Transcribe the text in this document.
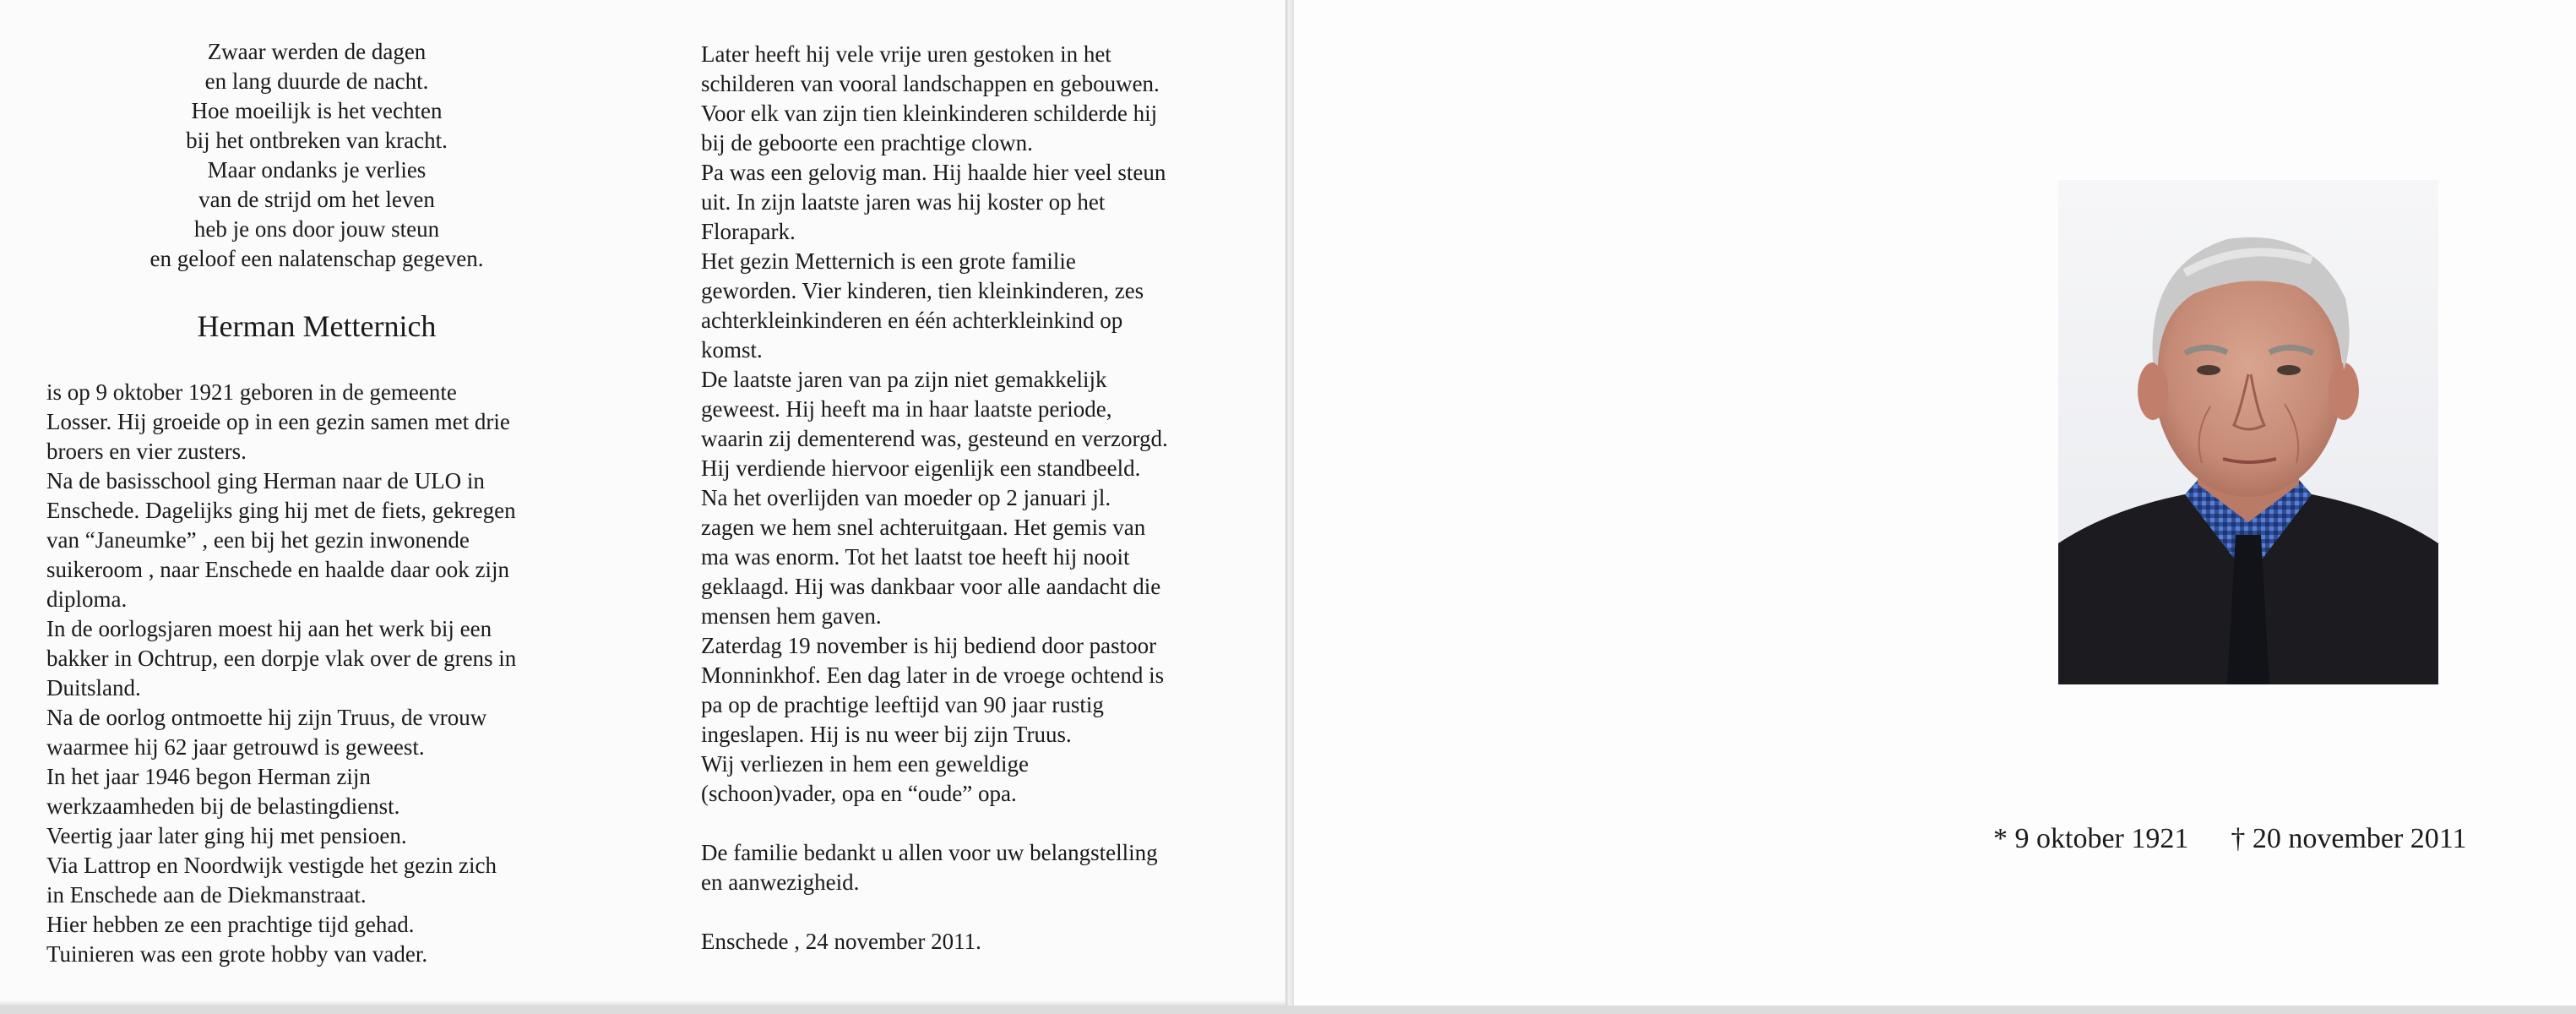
Zwaar werden de dagen
en lang duurde de nacht.
Hoe moeilijk is het vechten
bij het ontbreken van kracht.
Maar ondanks je verlies
van de strijd om het leven
heb je ons door jouw steun
en geloof een nalatenschap gegeven.
Herman Metternich
is op 9 oktober 1921 geboren in de gemeente
Losser. Hij groeide op in een gezin samen met drie
broers en vier zusters.
Na de basisschool ging Herman naar de ULO in
Enschede. Dagelijks ging hij met de fiets, gekregen
van “Janeumke” , een bij het gezin inwonende
suikeroom , naar Enschede en haalde daar ook zijn
diploma.
In de oorlogsjaren moest hij aan het werk bij een
bakker in Ochtrup, een dorpje vlak over de grens in
Duitsland.
Na de oorlog ontmoette hij zijn Truus, de vrouw
waarmee hij 62 jaar getrouwd is geweest.
In het jaar 1946 begon Herman zijn
werkzaamheden bij de belastingdienst.
Veertig jaar later ging hij met pensioen.
Via Lattrop en Noordwijk vestigde het gezin zich
in Enschede aan de Diekmanstraat.
Hier hebben ze een prachtige tijd gehad.
Tuinieren was een grote hobby van vader.
Later heeft hij vele vrije uren gestoken in het
schilderen van vooral landschappen en gebouwen.
Voor elk van zijn tien kleinkinderen schilderde hij
bij de geboorte een prachtige clown.
Pa was een gelovig man. Hij haalde hier veel steun
uit. In zijn laatste jaren was hij koster op het
Florapark.
Het gezin Metternich is een grote familie
geworden. Vier kinderen, tien kleinkinderen, zes
achterkleinkinderen en één achterkleinkind op
komst.
De laatste jaren van pa zijn niet gemakkelijk
geweest. Hij heeft ma in haar laatste periode,
waarin zij dementerend was, gesteund en verzorgd.
Hij verdiende hiervoor eigenlijk een standbeeld.
Na het overlijden van moeder op 2 januari jl.
zagen we hem snel achteruitgaan. Het gemis van
ma was enorm. Tot het laatst toe heeft hij nooit
geklaagd. Hij was dankbaar voor alle aandacht die
mensen hem gaven.
Zaterdag 19 november is hij bediend door pastoor
Monninkhof. Een dag later in de vroege ochtend is
pa op de prachtige leeftijd van 90 jaar rustig
ingeslapen. Hij is nu weer bij zijn Truus.
Wij verliezen in hem een geweldige
(schoon)vader, opa en “oude” opa.
De familie bedankt u allen voor uw belangstelling
en aanwezigheid.
Enschede , 24 november 2011.
* 9 oktober 1921 † 20 november 2011
